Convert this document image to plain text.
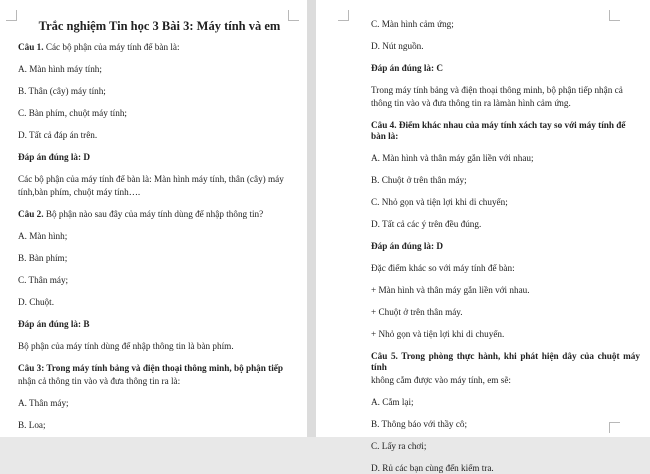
Trắc nghiệm Tin học 3 Bài 3: Máy tính và em
Câu 1. Các bộ phận của máy tính để bàn là:
A. Màn hình máy tính;
B. Thân (cây) máy tính;
C. Bàn phím, chuột máy tính;
D. Tất cả đáp án trên.
Đáp án đúng là: D
Các bộ phận của máy tính để bàn là: Màn hình máy tính, thân (cây) máy
tính,bàn phím, chuột máy tính….
Câu 2. Bộ phận nào sau đây của máy tính dùng để nhập thông tin?
A. Màn hình;
B. Bàn phím;
C. Thân máy;
D. Chuột.
Đáp án đúng là: B
Bộ phận của máy tính dùng để nhập thông tin là bàn phím.
Câu 3: Trong máy tính bảng và điện thoại thông minh, bộ phận tiếp
nhận cả thông tin vào và đưa thông tin ra là:
A. Thân máy;
B. Loa;
C. Màn hình cảm ứng;
D. Nút nguồn.
Đáp án đúng là: C
Trong máy tính bảng và điện thoại thông minh, bộ phận tiếp nhận cả
thông tin vào và đưa thông tin ra làmàn hình cảm ứng.
Câu 4. Điểm khác nhau của máy tính xách tay so với máy tính để bàn là:
A. Màn hình và thân máy gắn liền với nhau;
B. Chuột ở trên thân máy;
C. Nhỏ gọn và tiện lợi khi di chuyển;
D. Tất cả các ý trên đều đúng.
Đáp án đúng là: D
Đặc điểm khác so với máy tính để bàn:
+ Màn hình và thân máy gắn liền với nhau.
+ Chuột ở trên thân máy.
+ Nhỏ gọn và tiện lợi khi di chuyển.
Câu 5. Trong phòng thực hành, khi phát hiện dây của chuột máy tính
không cắm được vào máy tính, em sẽ:
A. Cắm lại;
B. Thông báo với thầy cô;
C. Lấy ra chơi;
D. Rủ các bạn cùng đến kiểm tra.
